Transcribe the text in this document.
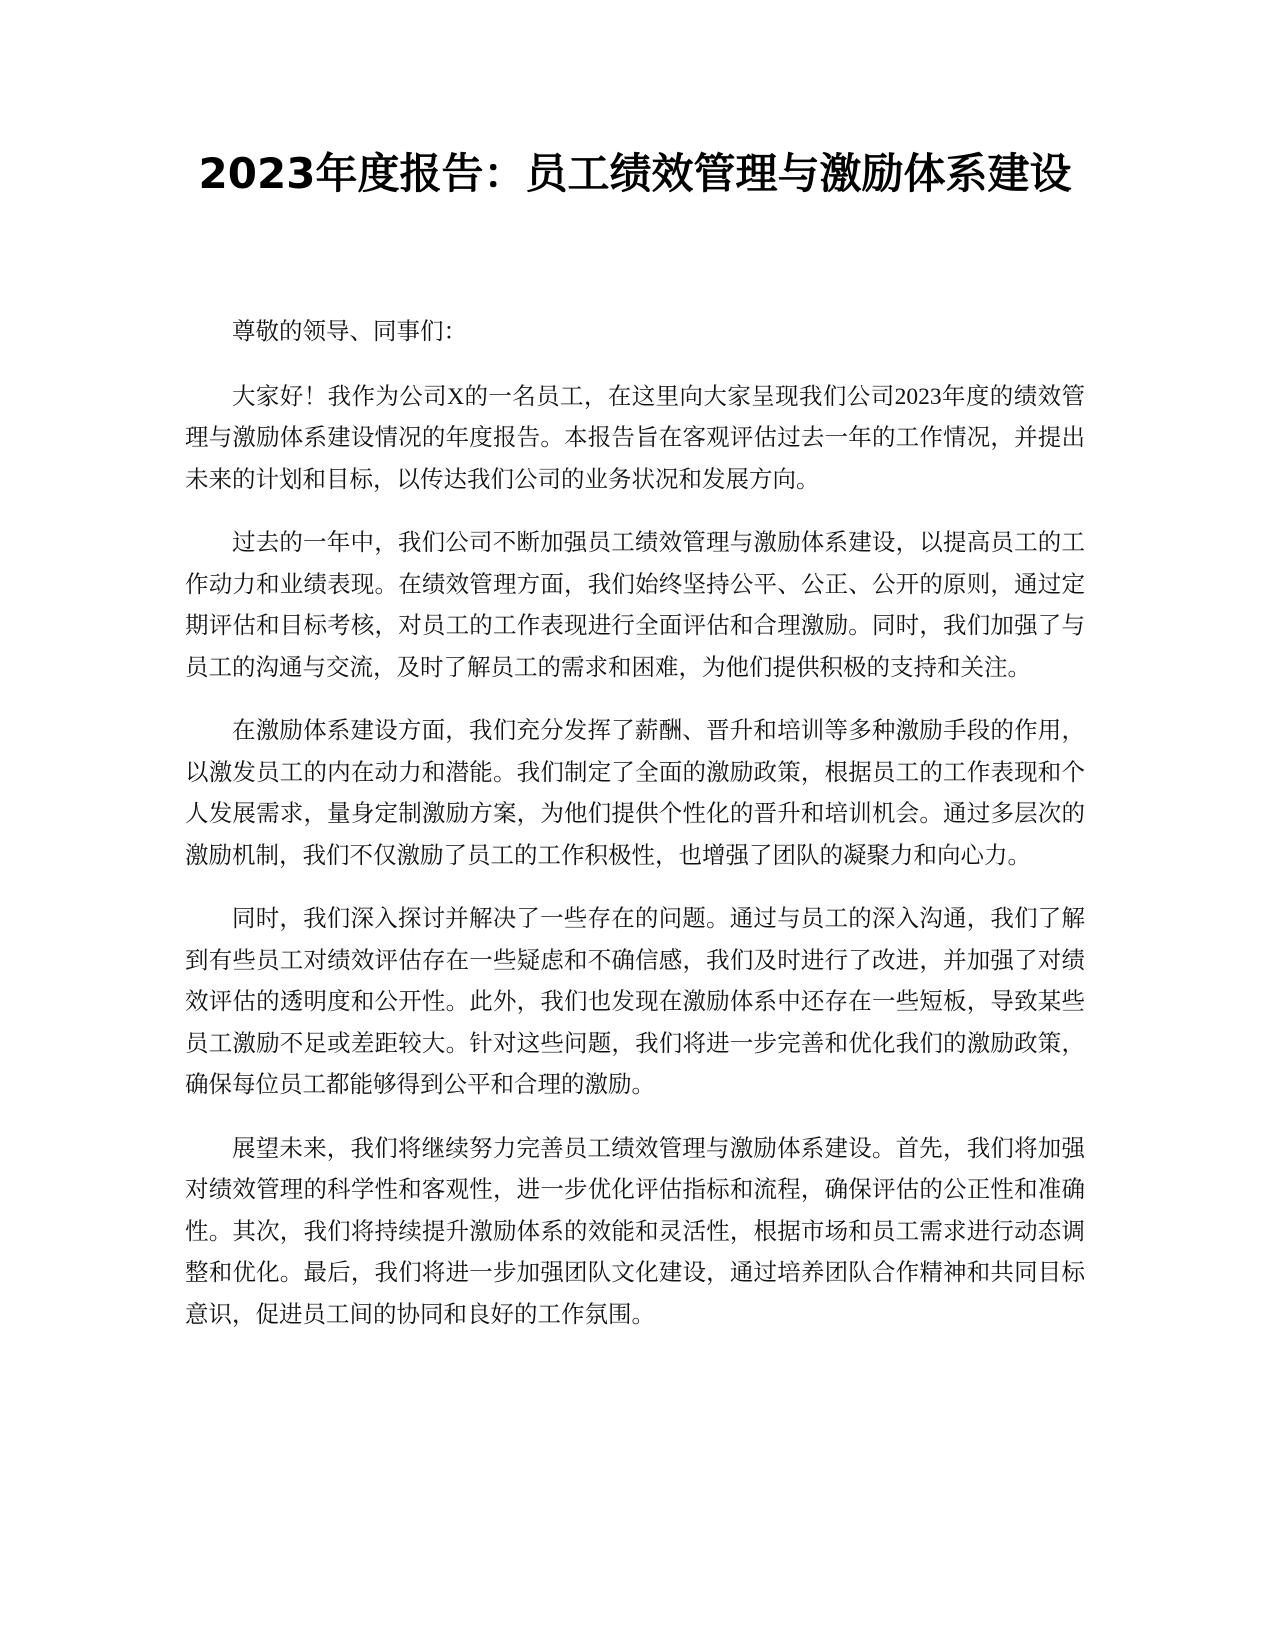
2023年度报告：员工绩效管理与激励体系建设

尊敬的领导、同事们：

大家好！我作为公司X的一名员工，在这里向大家呈现我们公司2023年度的绩效管理与激励体系建设情况的年度报告。本报告旨在客观评估过去一年的工作情况，并提出未来的计划和目标，以传达我们公司的业务状况和发展方向。

过去的一年中，我们公司不断加强员工绩效管理与激励体系建设，以提高员工的工作动力和业绩表现。在绩效管理方面，我们始终坚持公平、公正、公开的原则，通过定期评估和目标考核，对员工的工作表现进行全面评估和合理激励。同时，我们加强了与员工的沟通与交流，及时了解员工的需求和困难，为他们提供积极的支持和关注。

在激励体系建设方面，我们充分发挥了薪酬、晋升和培训等多种激励手段的作用，以激发员工的内在动力和潜能。我们制定了全面的激励政策，根据员工的工作表现和个人发展需求，量身定制激励方案，为他们提供个性化的晋升和培训机会。通过多层次的激励机制，我们不仅激励了员工的工作积极性，也增强了团队的凝聚力和向心力。

同时，我们深入探讨并解决了一些存在的问题。通过与员工的深入沟通，我们了解到有些员工对绩效评估存在一些疑虑和不确信感，我们及时进行了改进，并加强了对绩效评估的透明度和公开性。此外，我们也发现在激励体系中还存在一些短板，导致某些员工激励不足或差距较大。针对这些问题，我们将进一步完善和优化我们的激励政策，确保每位员工都能够得到公平和合理的激励。

展望未来，我们将继续努力完善员工绩效管理与激励体系建设。首先，我们将加强对绩效管理的科学性和客观性，进一步优化评估指标和流程，确保评估的公正性和准确性。其次，我们将持续提升激励体系的效能和灵活性，根据市场和员工需求进行动态调整和优化。最后，我们将进一步加强团队文化建设，通过培养团队合作精神和共同目标意识，促进员工间的协同和良好的工作氛围。
